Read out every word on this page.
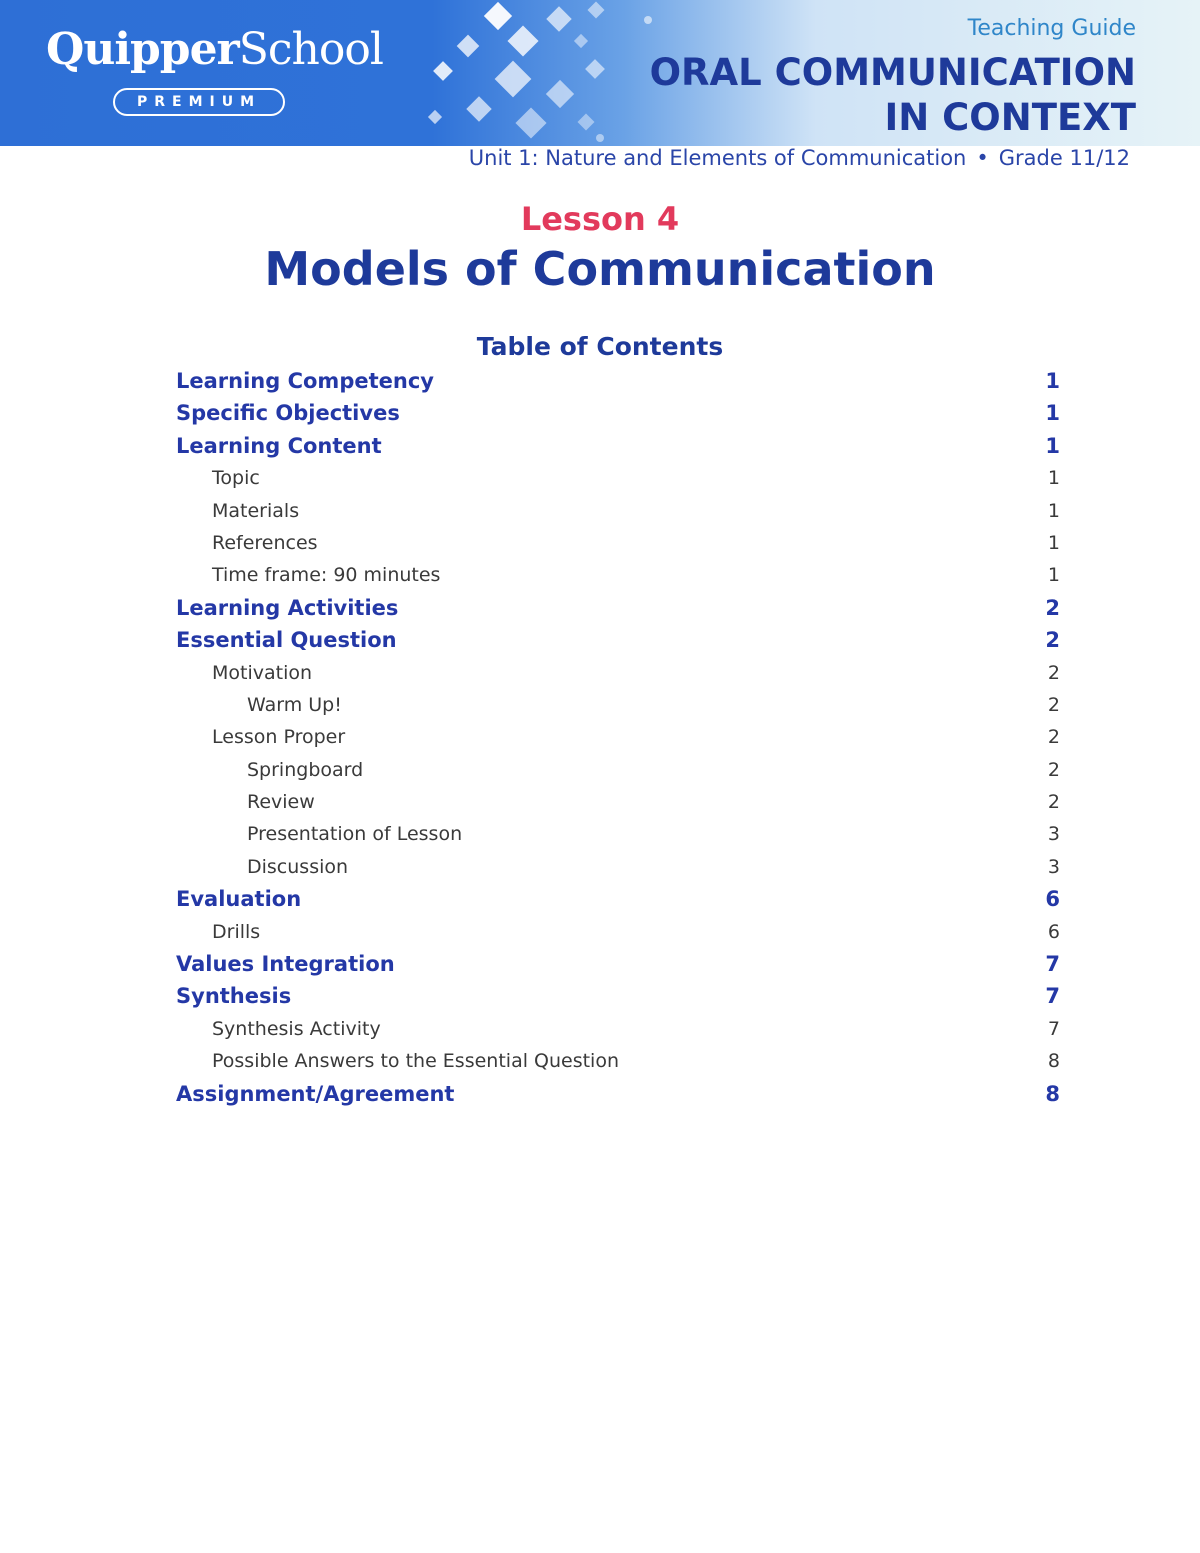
QuipperSchool
PREMIUM
Teaching Guide
ORAL COMMUNICATION
IN CONTEXT
Unit 1: Nature and Elements of Communication • Grade 11/12
Lesson 4
Models of Communication
Table of Contents
Learning Competency	1
Specific Objectives	1
Learning Content	1
Topic	1
Materials	1
References	1
Time frame: 90 minutes	1
Learning Activities	2
Essential Question	2
Motivation	2
Warm Up!	2
Lesson Proper	2
Springboard	2
Review	2
Presentation of Lesson	3
Discussion	3
Evaluation	6
Drills	6
Values Integration	7
Synthesis	7
Synthesis Activity	7
Possible Answers to the Essential Question	8
Assignment/Agreement	8
